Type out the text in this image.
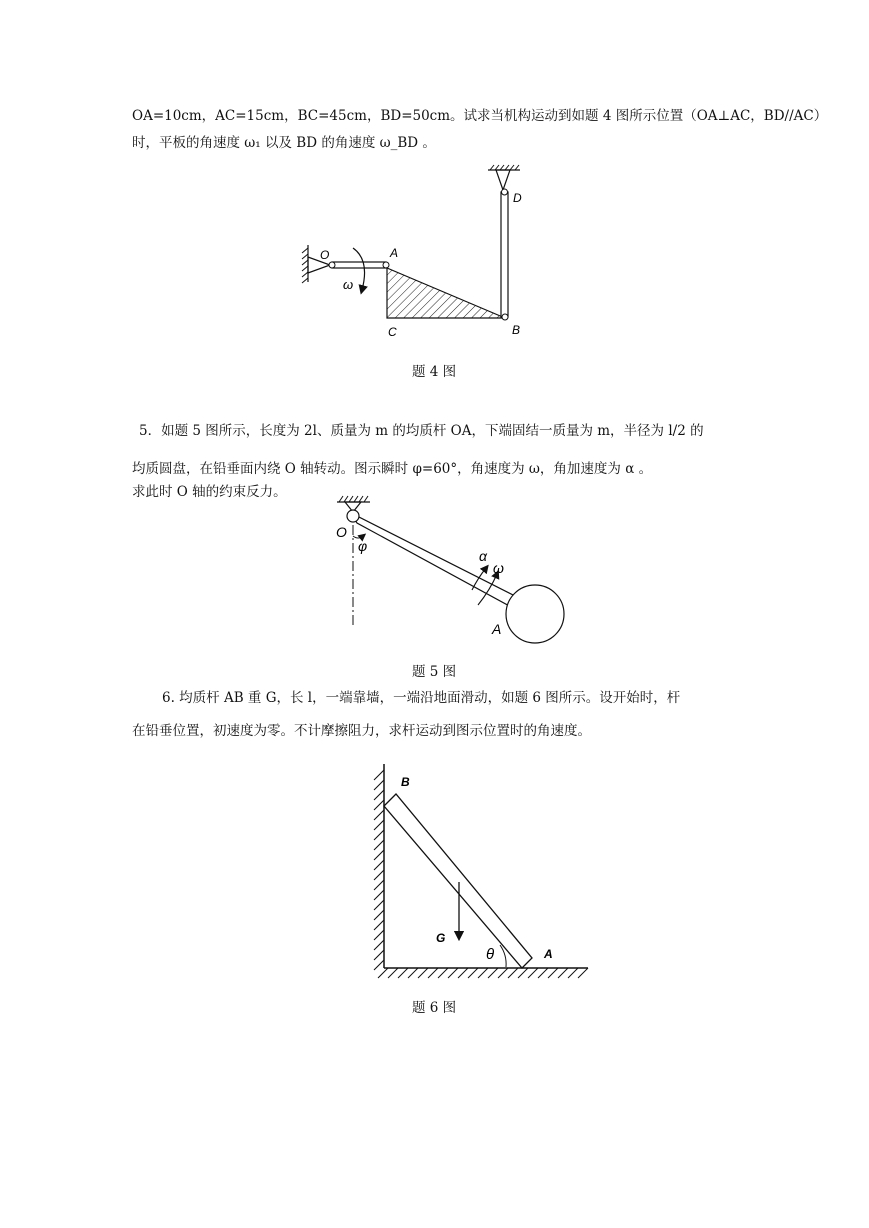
OA=10cm，AC=15cm，BC=45cm，BD=50cm。试求当机构运动到如题 4 图所示位置（OA⊥AC，BD//AC）
时，平板的角速度 ω₁ 以及 BD 的角速度 ω_BD 。
O	A
D
C	B
ω
O
φ
α
ω
A
B
A
G
θ
题 4 图
5．如题 5 图所示，长度为 2l、质量为 m 的均质杆 OA，下端固结一质量为 m，半径为 l/2 的
均质圆盘，在铅垂面内绕 O 轴转动。图示瞬时 φ=60°，角速度为 ω，角加速度为 α 。
求此时 O 轴的约束反力。
题 5 图
6. 均质杆 AB 重 G，长 l，一端靠墙，一端沿地面滑动，如题 6 图所示。设开始时，杆
在铅垂位置，初速度为零。不计摩擦阻力，求杆运动到图示位置时的角速度。
题 6 图
